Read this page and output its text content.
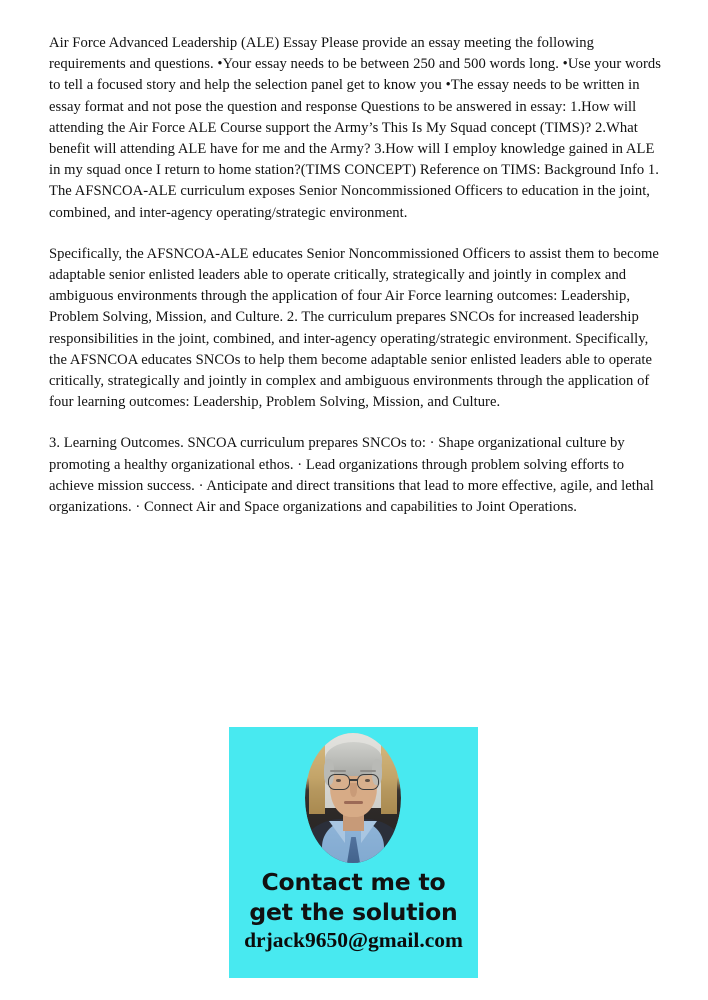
Air Force Advanced Leadership (ALE) Essay Please provide an essay meeting the following requirements and questions. •Your essay needs to be between 250 and 500 words long. •Use your words to tell a focused story and help the selection panel get to know you •The essay needs to be written in essay format and not pose the question and response Questions to be answered in essay: 1.How will attending the Air Force ALE Course support the Army’s This Is My Squad concept (TIMS)? 2.What benefit will attending ALE have for me and the Army? 3.How will I employ knowledge gained in ALE in my squad once I return to home station?(TIMS CONCEPT) Reference on TIMS: Background Info 1. The AFSNCOA-ALE curriculum exposes Senior Noncommissioned Officers to education in the joint, combined, and inter-agency operating/strategic environment.

Specifically, the AFSNCOA-ALE educates Senior Noncommissioned Officers to assist them to become adaptable senior enlisted leaders able to operate critically, strategically and jointly in complex and ambiguous environments through the application of four Air Force learning outcomes: Leadership, Problem Solving, Mission, and Culture. 2. The curriculum prepares SNCOs for increased leadership responsibilities in the joint, combined, and inter-agency operating/strategic environment. Specifically, the AFSNCOA educates SNCOs to help them become adaptable senior enlisted leaders able to operate critically, strategically and jointly in complex and ambiguous environments through the application of four learning outcomes: Leadership, Problem Solving, Mission, and Culture.

3. Learning Outcomes. SNCOA curriculum prepares SNCOs to: · Shape organizational culture by promoting a healthy organizational ethos. · Lead organizations through problem solving efforts to achieve mission success. · Anticipate and direct transitions that lead to more effective, agile, and lethal organizations. · Connect Air and Space organizations and capabilities to Joint Operations.

Contact me to
get the solution
drjack9650@gmail.com
